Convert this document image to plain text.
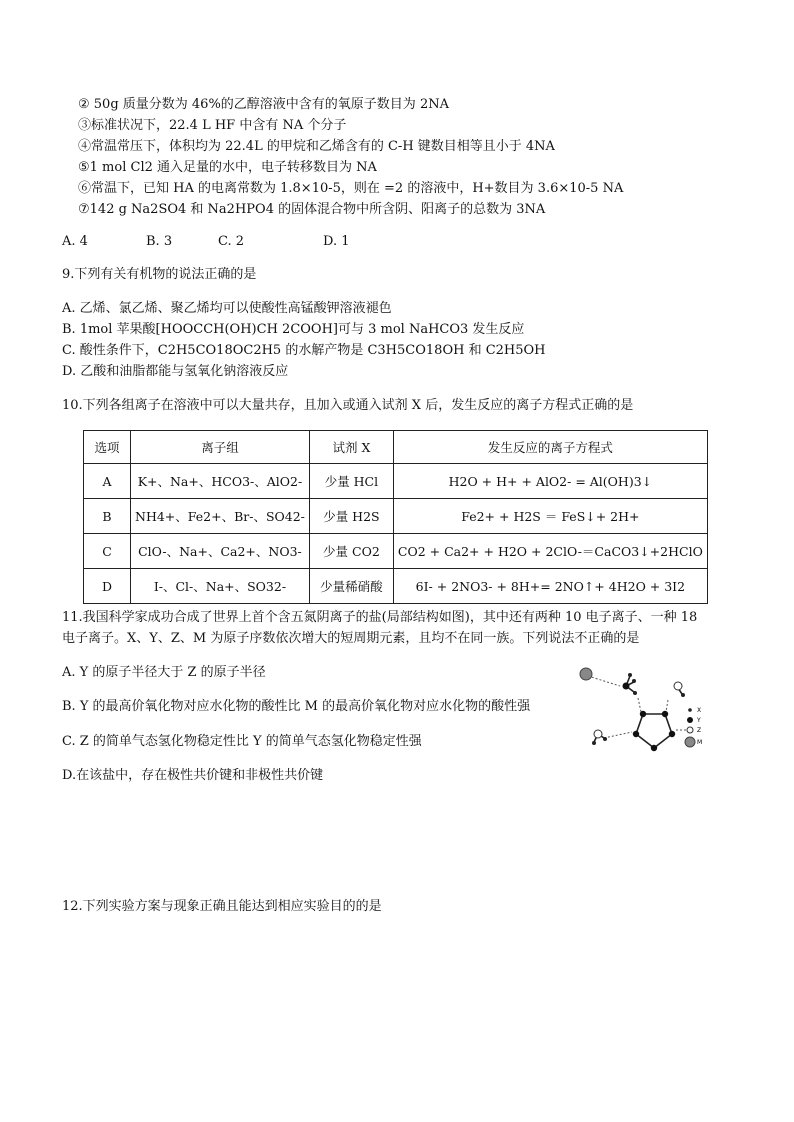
② 50g 质量分数为 46%的乙醇溶液中含有的氧原子数目为 2NA
③标准状况下，22.4 L HF 中含有 NA 个分子
④常温常压下，体积均为 22.4L 的甲烷和乙烯含有的 C-H 键数目相等且小于 4NA
⑤1 mol Cl2 通入足量的水中，电子转移数目为 NA
⑥常温下，已知 HA 的电离常数为 1.8×10-5，则在 =2 的溶液中，H+数目为 3.6×10-5 NA
⑦142 g Na2SO4 和 Na2HPO4 的固体混合物中所含阴、阳离子的总数为 3NA
A. 4	B. 3	C. 2	D. 1
9.下列有关有机物的说法正确的是
A. 乙烯、氯乙烯、聚乙烯均可以使酸性高锰酸钾溶液褪色
B. 1mol 苹果酸[HOOCCH(OH)CH 2COOH]可与 3 mol NaHCO3 发生反应
C. 酸性条件下，C2H5CO18OC2H5 的水解产物是 C3H5CO18OH 和 C2H5OH
D. 乙酸和油脂都能与氢氧化钠溶液反应
10.下列各组离子在溶液中可以大量共存，且加入或通入试剂 X 后，发生反应的离子方程式正确的是
选项	离子组	试剂 X	发生反应的离子方程式
A	K+、Na+、HCO3-、AlO2-	少量 HCl	H2O + H+ + AlO2- = Al(OH)3↓
B	NH4+、Fe2+、Br-、SO42-	少量 H2S	Fe2+ + H2S ＝ FeS↓+ 2H+
C	ClO-、Na+、Ca2+、NO3-	少量 CO2	CO2 + Ca2+ + H2O + 2ClO-＝CaCO3↓+2HClO
D	I-、Cl-、Na+、SO32-	少量稀硝酸	6I- + 2NO3- + 8H+= 2NO↑+ 4H2O + 3I2
11.我国科学家成功合成了世界上首个含五氮阴离子的盐(局部结构如图)，其中还有两种 10 电子离子、一种 18
电子离子。X、Y、Z、M 为原子序数依次增大的短周期元素，且均不在同一族。下列说法不正确的是
A. Y 的原子半径大于 Z 的原子半径
B. Y 的最高价氧化物对应水化物的酸性比 M 的最高价氧化物对应水化物的酸性强
C. Z 的简单气态氢化物稳定性比 Y 的简单气态氢化物稳定性强
D.在该盐中，存在极性共价键和非极性共价键
X
Y
Z
M
12.下列实验方案与现象正确且能达到相应实验目的的是
